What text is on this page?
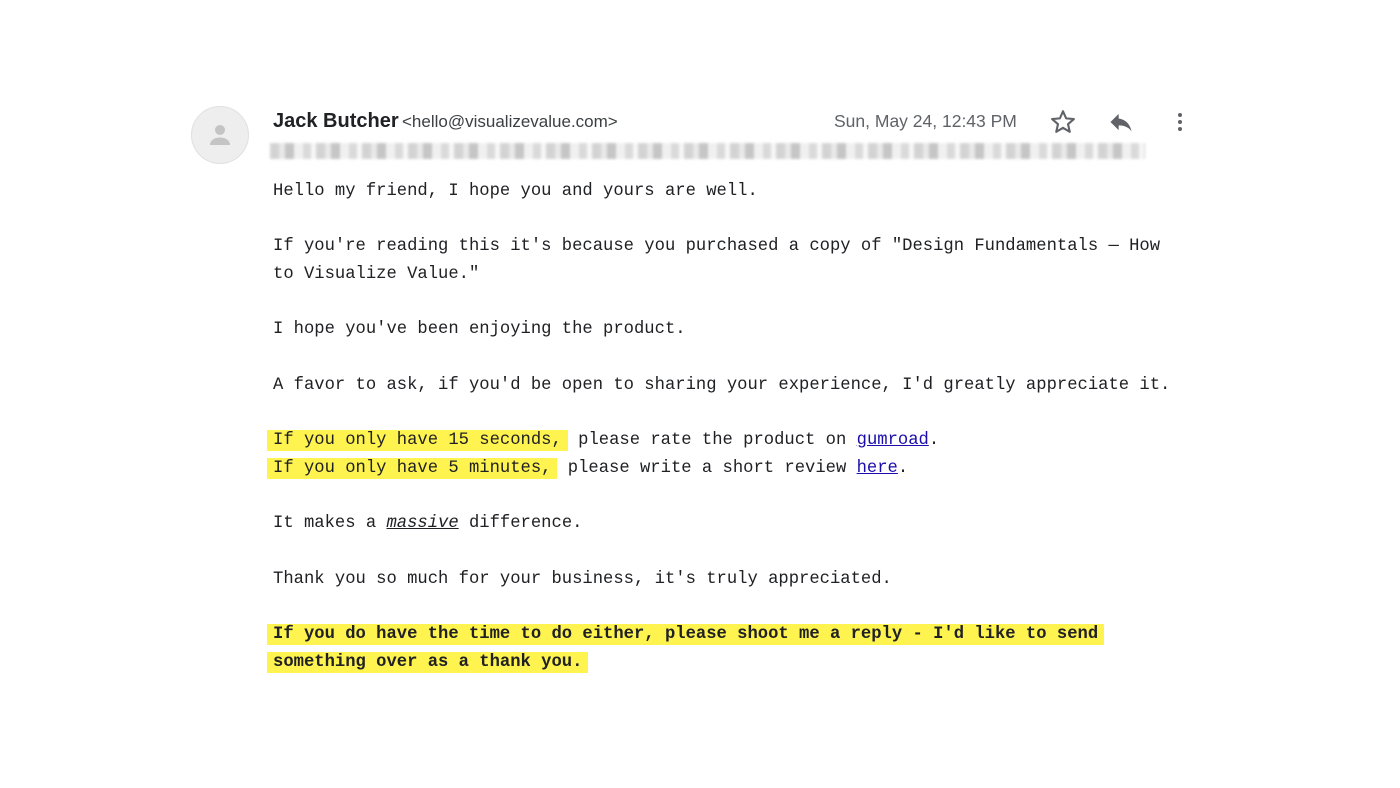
Jack Butcher <hello@visualizevalue.com>	Sun, May 24, 12:43 PM

Hello my friend, I hope you and yours are well.

If you're reading this it's because you purchased a copy of "Design Fundamentals — How
to Visualize Value."

I hope you've been enjoying the product.

A favor to ask, if you'd be open to sharing your experience, I'd greatly appreciate it.

If you only have 15 seconds, please rate the product on gumroad.

If you only have 5 minutes, please write a short review here.

It makes a massive difference.

Thank you so much for your business, it's truly appreciated.

If you do have the time to do either, please shoot me a reply - I'd like to send
something over as a thank you.
